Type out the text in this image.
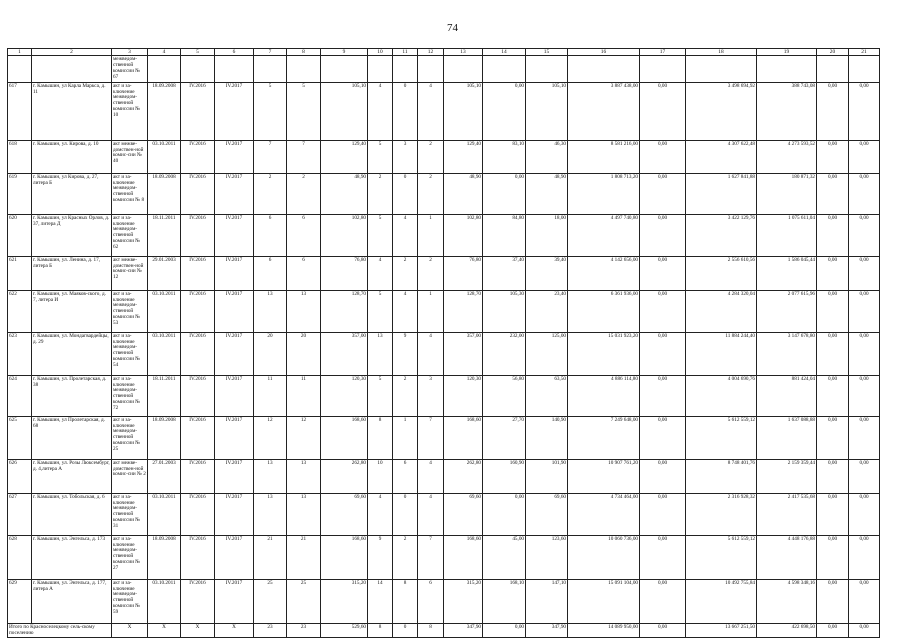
74
1	2	3	4	5	6	7	8	9	10	11	12	13	14	15	16	17	18	19	20	21
		межведом-ственной комиссии № 67																		
617	г. Камышин, ул Карла Маркса, д. 11	акт и за-ключение межведом-ственной комиссии № 10	18.09.2008	IV.2016	IV.2017	5	5	105,10	4	0	4	105,10	0,00	105,10	3 887 438,00	0,00	3 498 694,92	388 743,08	0,00	0,00
618	г. Камышин, ул. Кирова, д. 10	акт межве-домствен-ной комис-сии № 40	03.10.2011	IV.2016	IV.2017	7	7	129,40	5	3	2	129,40	83,10	46,30	8 581 216,00	0,00	4 307 622,48	4 273 593,52	0,00	0,00
619	г. Камышин, ул Кирова, д. 27, литера Б	акт и за-ключение межведом-ственной комиссии № 8	18.09.2008	IV.2016	IV.2017	2	2	48,90	2	0	2	48,90	0,00	48,90	1 808 713,20	0,00	1 627 841,88	180 871,32	0,00	0,00
620	г. Камышин, ул Красных Орлов, д. 37, литера Д	акт и за-ключение межведом-ственной комиссии № 62	18.11.2011	IV.2016	IV.2017	6	6	102,80	5	4	1	102,80	84,80	18,00	4 497 740,80	0,00	3 422 129,76	1 075 611,04	0,00	0,00
621	г. Камышин, ул. Ленина, д. 17, литера Б	акт межве-домствен-ной комис-сии № 12	29.01.2003	IV.2016	IV.2017	6	6	76,80	4	2	2	76,80	37,40	39,40	4 142 656,00	0,00	2 556 610,56	1 586 045,44	0,00	0,00
622	г. Камышин, ул. Маяков-ского, д. 7, литера И	акт и за-ключение межведом-ственной комиссии № 53	03.10.2011	IV.2016	IV.2017	13	13	128,70	5	4	1	128,70	105,30	23,40	6 361 936,00	0,00	4 284 320,04	2 077 615,96	0,00	0,00
623	г. Камышин, ул. Мондагвардейцы, д. 29	акт и за-ключение межведом-ственной комиссии № 54	03.10.2011	IV.2016	IV.2017	20	20	357,00	13	9	4	357,00	232,00	125,00	15 031 923,20	0,00	11 884 244,40	3 147 678,80	0,00	0,00
624	г. Камышин, ул. Пролетарская, д. 38	акт и за-ключение межведом-ственной комиссии № 72	18.11.2011	IV.2016	IV.2017	11	11	120,30	5	2	3	120,30	56,80	63,50	4 886 114,80	0,00	4 004 690,76	881 424,04	0,00	0,00
625	г. Камышин, ул Пролетарская, д. 68	акт и за-ключение межведом-ственной комиссии № 25	18.09.2008	IV.2016	IV.2017	12	12	168,60	8	1	7	168,60	27,70	140,90	7 249 648,00	0,00	5 612 559,12	1 637 088,88	0,00	0,00
626	г. Камышин, ул. Розы Люксембург, д. 4,литера А	акт межве-домствен-ной комис-сии № 2	27.01.2003	IV.2016	IV.2017	13	13	262,80	10	6	4	262,80	160,90	101,90	10 907 761,20	0,00	8 748 401,76	2 159 359,44	0,00	0,00
627	г. Камышин, ул. Тобольская, д. 6	акт и за-ключение межведом-ственной комиссии № 31	03.10.2011	IV.2016	IV.2017	13	13	69,60	4	0	4	69,60	0,00	69,60	4 734 464,00	0,00	2 316 928,32	2 417 535,68	0,00	0,00
628	г. Камышин, ул. Энгельса, д. 173	акт и за-ключение межведом-ственной комиссии № 27	18.09.2008	IV.2016	IV.2017	21	21	168,60	9	2	7	168,60	45,00	123,60	10 060 736,00	0,00	5 612 559,12	4 448 176,88	0,00	0,00
629	г. Камышин, ул. Энгельса, д. 177, литера А	акт и за-ключение межведом-ственной комиссии № 59	03.10.2011	IV.2016	IV.2017	25	25	315,20	14	8	6	315,20	168,10	147,10	15 091 104,00	0,00	10 492 755,84	4 598 348,16	0,00	0,00
Итого по Красноселецкому сель-скому поселению		X	X	X	X	23	23	529,60	8	0	8	347,90	0,00	347,90	14 089 950,00	0,00	13 667 251,50	422 698,50	0,00	0,00
